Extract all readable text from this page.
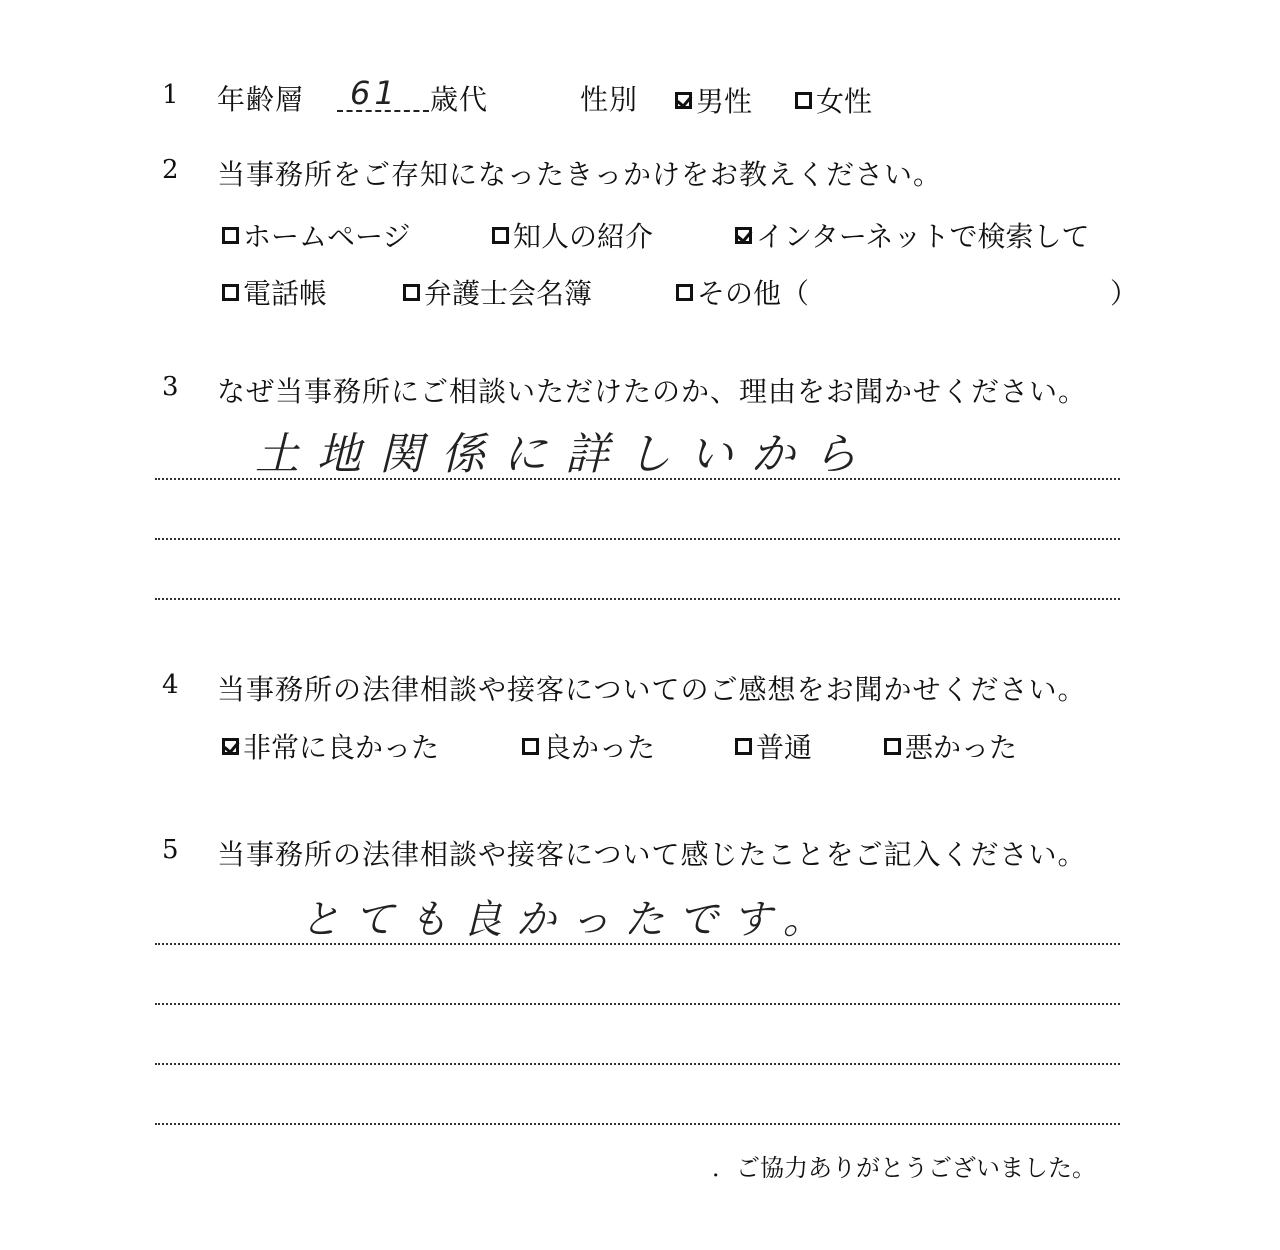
1 年齢層 61 歳代	性別 男性 女性
2 当事務所をご存知になったきっかけをお教えください。
ホームページ	知人の紹介	インターネットで検索して
電話帳	弁護士会名簿	その他（	）
3 なぜ当事務所にご相談いただけたのか、理由をお聞かせください。
土地関係に詳しいから
4 当事務所の法律相談や接客についてのご感想をお聞かせください。
非常に良かった	良かった	普通	悪かった
5 当事務所の法律相談や接客について感じたことをご記入ください。
とても良かったです。
．ご協力ありがとうございました。
